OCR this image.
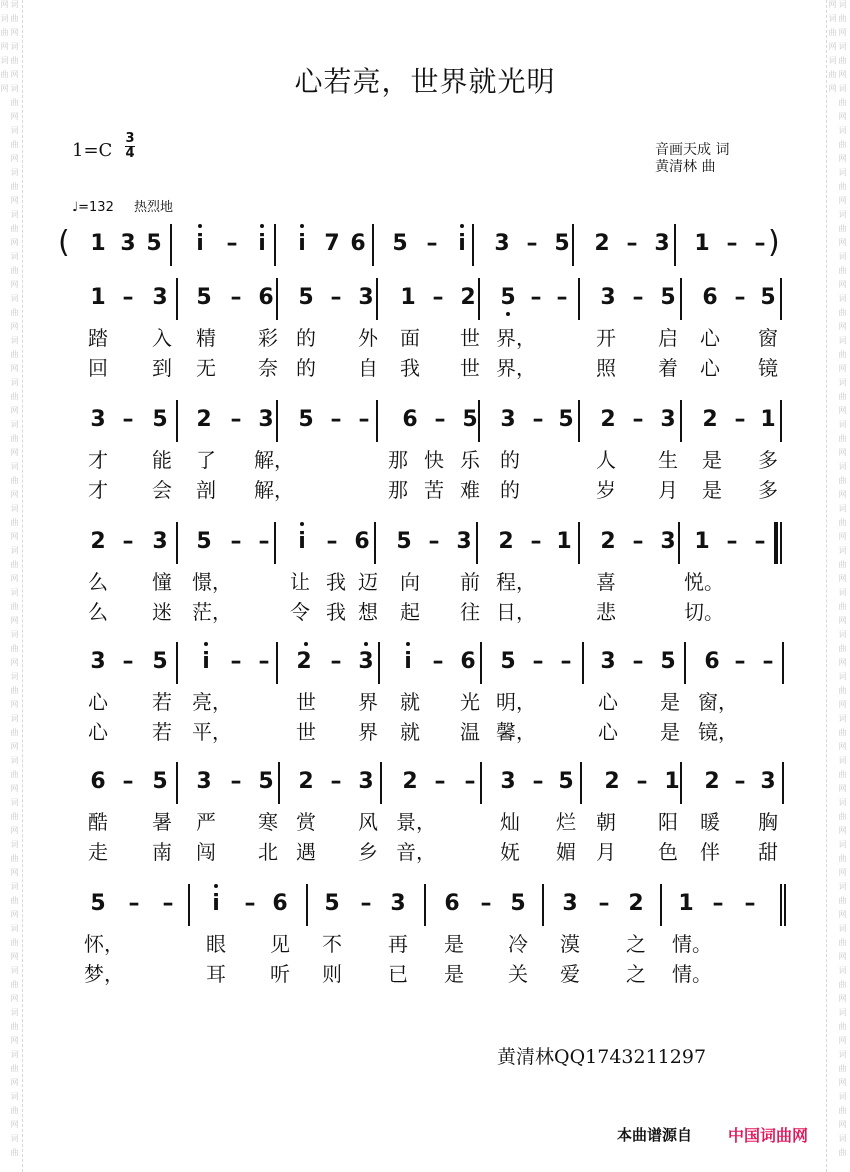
词曲网词曲网词曲网词曲网词曲网词曲网词曲网词曲网词曲网词曲网词曲网词曲网词曲网词曲网词曲网词曲网词曲网词曲网词曲网词曲网词曲网词曲网词曲网词曲网词曲网词曲网词曲网词曲网词曲网词曲网	词曲网词曲网词曲网词曲网词曲网词曲网词曲网词曲网词曲网词曲网词曲网词曲网词曲网词曲网词曲网词曲网词曲网词曲网词曲网词曲网词曲网词曲网词曲网词曲网词曲网词曲网词曲网词曲网词曲网词曲网
心若亮，世界就光明
1=C
3
4	音画天成 词
黄清林 曲
♩=132 热烈地
(	)
1 3 5 i – i i 7 6 5 – i 3 – 5 2 – 3 1 – –
1 – 3 5 – 6 5 – 3 1 – 2 5 – – 3 – 5 6 – 5
踏 入 精 彩 的 外 面 世 界，	开 启 心 窗
回 到 无 奈 的 自 我 世 界，	照 着 心 镜
3 – 5 2 – 3 5 – – 6 – 5 3 – 5 2 – 3 2 – 1
才 能 了 解，	那 快 乐 的	人 生 是 多
才 会 剖 解，	那 苦 难 的	岁 月 是 多
2 – 3 5 – – i – 6 5 – 3 2 – 1 2 – 3 1 – –
么 憧 憬，	让 我 迈 向 前 程，	喜	悦。
么 迷 茫，	令 我 想 起 往 日，	悲	切。
3 – 5 i – – 2 – 3 i – 6 5 – – 3 – 5 6 – –
心 若 亮，	世 界 就 光 明，	心 是 窗，
心 若 平，	世 界 就 温 馨，	心 是 镜，
6 – 5 3 – 5 2 – 3 2 – – 3 – 5 2 – 1 2 – 3
酷 暑 严 寒 赏 风 景，	灿 烂 朝 阳 暖 胸
走 南 闯 北 遇 乡 音，	妩 媚 月 色 伴 甜
5 – – i – 6 5 – 3 6 – 5 3 – 2 1 – –
怀，	眼 见 不 再 是 冷 漠 之 情。
梦，	耳 听 则 已 是 关 爱 之 情。
黄清林QQ1743211297
本曲谱源自 中国词曲网
